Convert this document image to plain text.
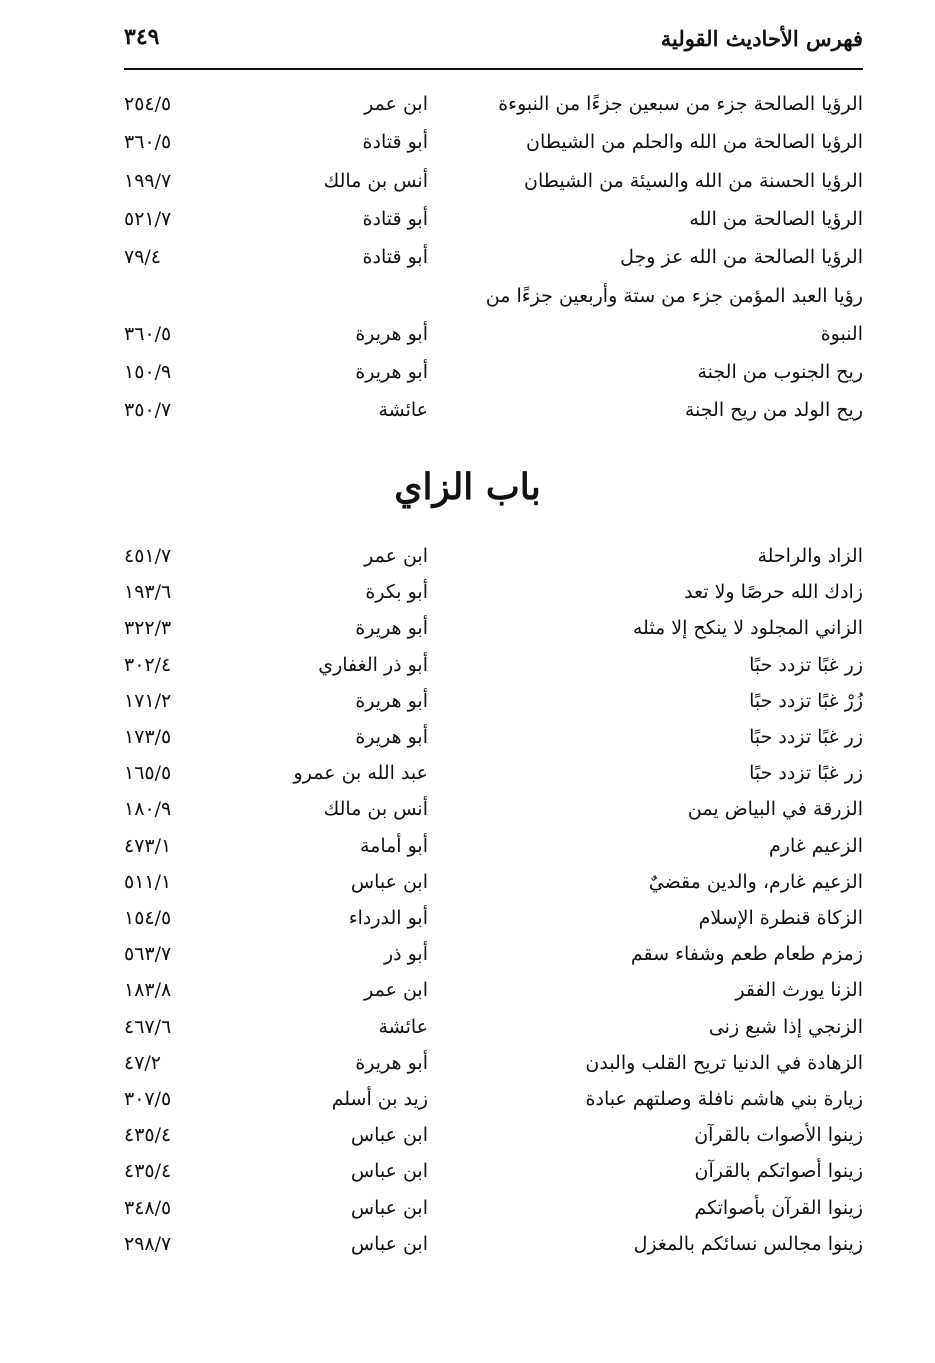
فهرس الأحاديث القولية
٣٤٩
الرؤيا الصالحة جزء من سبعين جزءًا من النبوءة
ابن عمر
٢٥٤/٥
الرؤيا الصالحة من الله والحلم من الشيطان
أبو قتادة
٣٦٠/٥
الرؤيا الحسنة من الله والسيئة من الشيطان
أنس بن مالك
١٩٩/٧
الرؤيا الصالحة من الله
أبو قتادة
٥٢١/٧
الرؤيا الصالحة من الله عز وجل
أبو قتادة
٧٩/٤
رؤيا العبد المؤمن جزء من ستة وأربعين جزءًا من
النبوة
أبو هريرة
٣٦٠/٥
ريح الجنوب من الجنة
أبو هريرة
١٥٠/٩
ريح الولد من ريح الجنة
عائشة
٣٥٠/٧
باب الزاي
الزاد والراحلة
ابن عمر
٤٥١/٧
زادك الله حرصًا ولا تعد
أبو بكرة
١٩٣/٦
الزاني المجلود لا ينكح إلا مثله
أبو هريرة
٣٢٢/٣
زر غبًا تزدد حبًا
أبو ذر الغفاري
٣٠٢/٤
زُرْ غبًا تزدد حبًا
أبو هريرة
١٧١/٢
زر غبًا تزدد حبًا
أبو هريرة
١٧٣/٥
زر غبًا تزدد حبًا
عبد الله بن عمرو
١٦٥/٥
الزرقة في البياض يمن
أنس بن مالك
١٨٠/٩
الزعيم غارم
أبو أمامة
٤٧٣/١
الزعيم غارم، والدين مقضيٌ
ابن عباس
٥١١/١
الزكاة قنطرة الإسلام
أبو الدرداء
١٥٤/٥
زمزم طعام طعم وشفاء سقم
أبو ذر
٥٦٣/٧
الزنا يورث الفقر
ابن عمر
١٨٣/٨
الزنجي إذا شبع زنى
عائشة
٤٦٧/٦
الزهادة في الدنيا تريح القلب والبدن
أبو هريرة
٤٧/٢
زيارة بني هاشم نافلة وصلتهم عبادة
زيد بن أسلم
٣٠٧/٥
زينوا الأصوات بالقرآن
ابن عباس
٤٣٥/٤
زينوا أصواتكم بالقرآن
ابن عباس
٤٣٥/٤
زينوا القرآن بأصواتكم
ابن عباس
٣٤٨/٥
زينوا مجالس نسائكم بالمغزل
ابن عباس
٢٩٨/٧
